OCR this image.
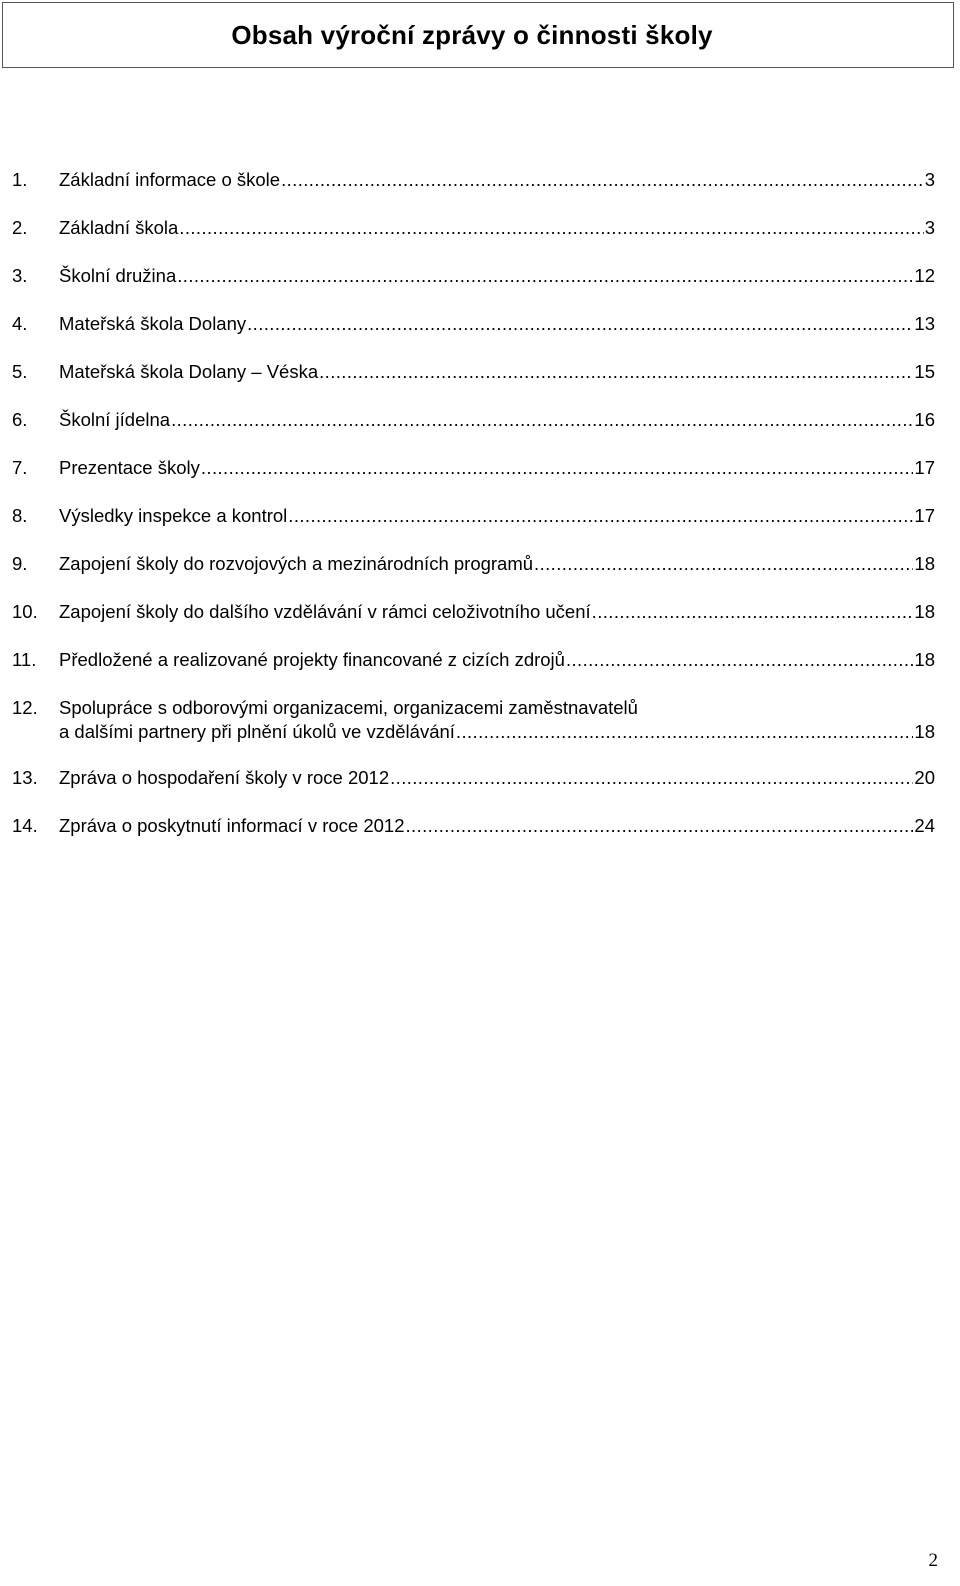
Obsah výroční zprávy o činnosti školy
1.	Základní informace o škole .....	3
2.	Základní škola .....	3
3.	Školní družina .....	12
4.	Mateřská škola Dolany .....	13
5.	Mateřská škola Dolany – Véska .....	15
6.	Školní jídelna .....	16
7.	Prezentace školy .....	17
8.	Výsledky inspekce a kontrol .....	17
9.	Zapojení školy do rozvojových a mezinárodních programů .....	18
10.	Zapojení školy do dalšího vzdělávání v rámci celoživotního učení .....	18
11.	Předložené a realizované projekty financované z cizích zdrojů .....	18
12.	Spolupráce s odborovými organizacemi, organizacemi zaměstnavatelů
a dalšími partnery při plnění úkolů ve vzdělávání .....	18
13.	Zpráva o hospodaření školy v roce 2012 .....	20
14.	Zpráva o poskytnutí informací v roce 2012 .....	24
2
